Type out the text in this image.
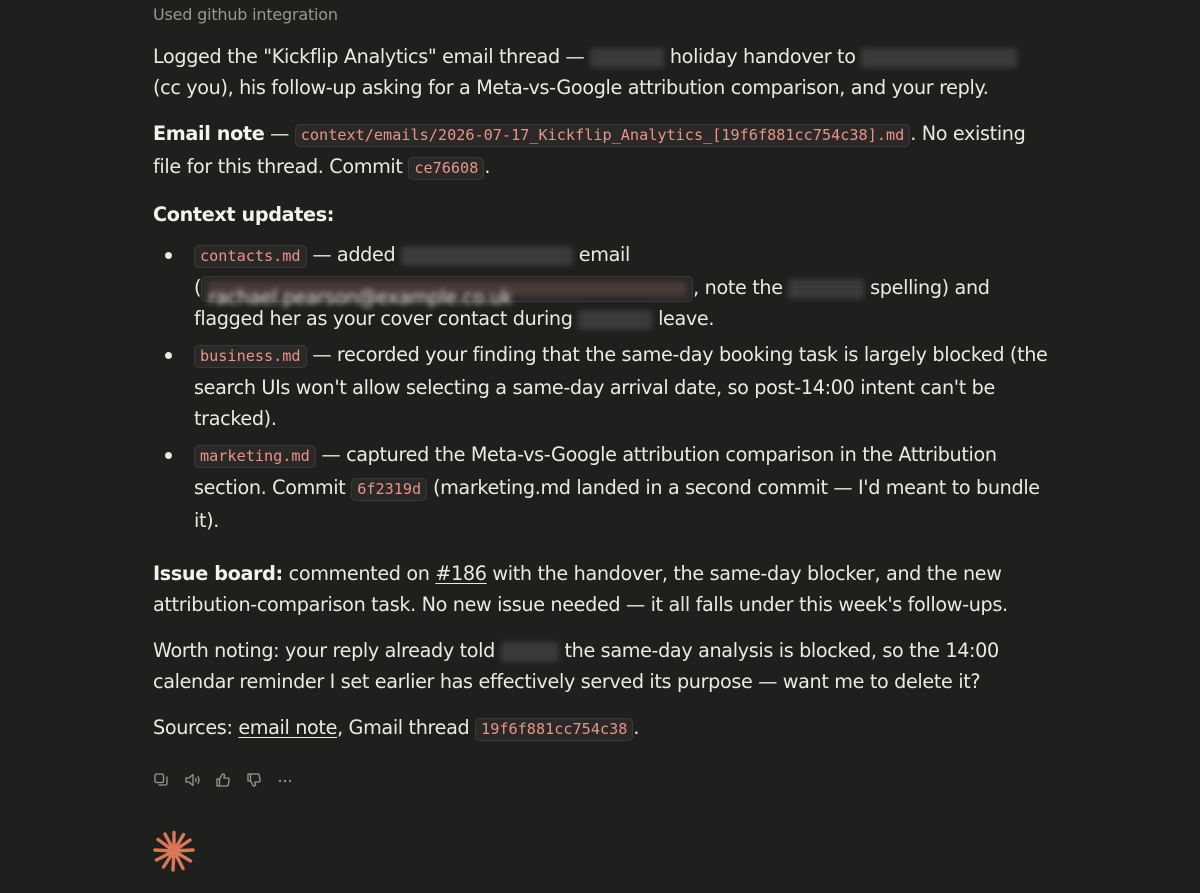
Used github integration

Logged the "Kickflip Analytics" email thread —	holiday handover to  (cc you), his follow-up asking for a Meta-vs-Google attribution comparison, and your reply.

Email note — context/emails/2026-07-17_Kickflip_Analytics_[19f6f881cc754c38].md . No existing file for this thread. Commit ce76608 .

Context updates:

contacts.md — added	email
( rachael.pearson@example.co.uk	, note the	spelling) and flagged her as your cover contact during	leave.
business.md — recorded your finding that the same-day booking task is largely blocked (the search UIs won't allow selecting a same-day arrival date, so post-14:00 intent can't be tracked).
marketing.md — captured the Meta-vs-Google attribution comparison in the Attribution section. Commit 6f2319d (marketing.md landed in a second commit — I'd meant to bundle it).

Issue board: commented on #186 with the handover, the same-day blocker, and the new attribution-comparison task. No new issue needed — it all falls under this week's follow-ups.

Worth noting: your reply already told	the same-day analysis is blocked, so the 14:00 calendar reminder I set earlier has effectively served its purpose — want me to delete it?

Sources: email note, Gmail thread 19f6f881cc754c38 .
